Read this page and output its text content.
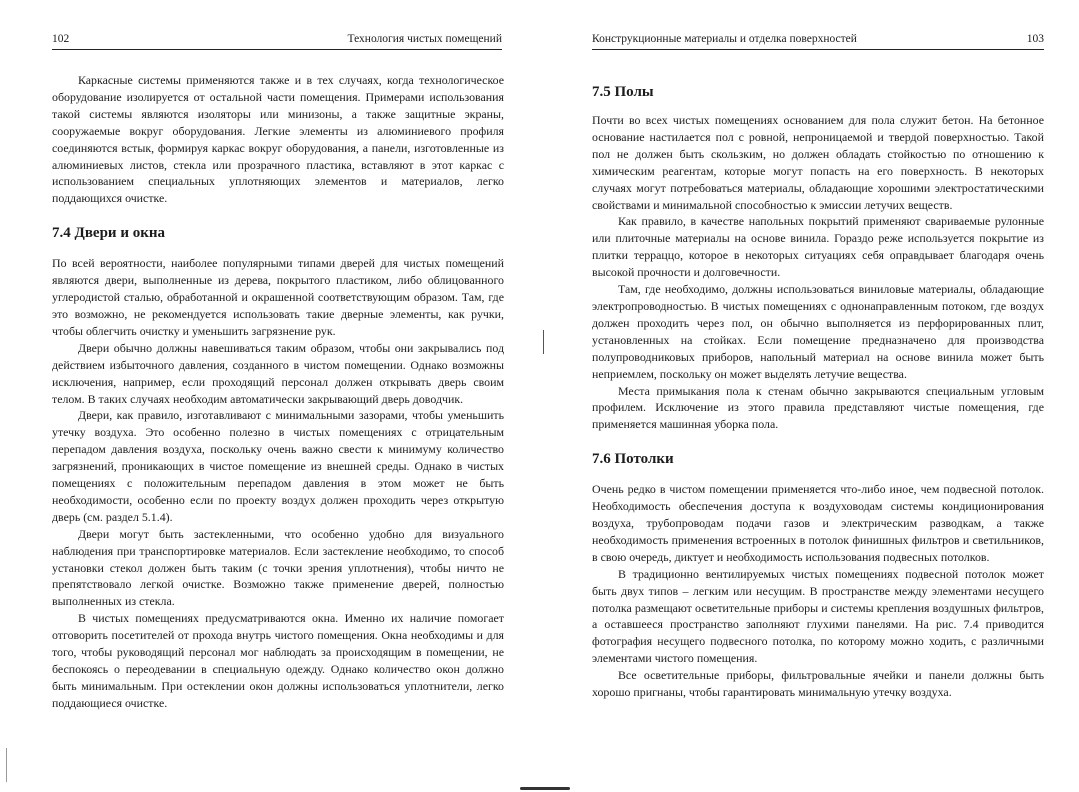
102	Технология чистых помещений

Каркасные системы применяются также и в тех случаях, когда технологическое оборудование изолируется от остальной части помещения. Примерами использования такой системы являются изоляторы или минизоны, а также защитные экраны, сооружаемые вокруг оборудования. Легкие элементы из алюминиевого профиля соединяются встык, формируя каркас вокруг оборудования, а панели, изготовленные из алюминиевых листов, стекла или прозрачного пластика, вставляют в этот каркас с использованием специальных уплотняющих элементов и материалов, легко поддающихся очистке.

7.4 Двери и окна

По всей вероятности, наиболее популярными типами дверей для чистых помещений являются двери, выполненные из дерева, покрытого пластиком, либо облицованного углеродистой сталью, обработанной и окрашенной соответствующим образом. Там, где это возможно, не рекомендуется использовать такие дверные элементы, как ручки, чтобы облегчить очистку и уменьшить загрязнение рук.

Двери обычно должны навешиваться таким образом, чтобы они закрывались под действием избыточного давления, созданного в чистом помещении. Однако возможны исключения, например, если проходящий персонал должен открывать дверь своим телом. В таких случаях необходим автоматически закрывающий дверь доводчик.

Двери, как правило, изготавливают с минимальными зазорами, чтобы уменьшить утечку воздуха. Это особенно полезно в чистых помещениях с отрицательным перепадом давления воздуха, поскольку очень важно свести к минимуму количество загрязнений, проникающих в чистое помещение из внешней среды. Однако в чистых помещениях с положительным перепадом давления в этом может не быть необходимости, особенно если по проекту воздух должен проходить через открытую дверь (см. раздел 5.1.4).

Двери могут быть застекленными, что особенно удобно для визуального наблюдения при транспортировке материалов. Если застекление необходимо, то способ установки стекол должен быть таким (с точки зрения уплотнения), чтобы ничто не препятствовало легкой очистке. Возможно также применение дверей, полностью выполненных из стекла.

В чистых помещениях предусматриваются окна. Именно их наличие помогает отговорить посетителей от прохода внутрь чистого помещения. Окна необходимы и для того, чтобы руководящий персонал мог наблюдать за происходящим в помещении, не беспокоясь о переодевании в специальную одежду. Однако количество окон должно быть минимальным. При остеклении окон должны использоваться уплотнители, легко поддающиеся очистке.

Конструкционные материалы и отделка поверхностей	103
7.5 Полы

Почти во всех чистых помещениях основанием для пола служит бетон. На бетонное основание настилается пол с ровной, непроницаемой и твердой поверхностью. Такой пол не должен быть скользким, но должен обладать стойкостью по отношению к химическим реагентам, которые могут попасть на его поверхность. В некоторых случаях могут потребоваться материалы, обладающие хорошими электростатическими свойствами и минимальной способностью к эмиссии летучих веществ.

Как правило, в качестве напольных покрытий применяют свариваемые рулонные или плиточные материалы на основе винила. Гораздо реже используется покрытие из плитки терраццо, которое в некоторых ситуациях себя оправдывает благодаря очень высокой прочности и долговечности.

Там, где необходимо, должны использоваться виниловые материалы, обладающие электропроводностью. В чистых помещениях с однонаправленным потоком, где воздух должен проходить через пол, он обычно выполняется из перфорированных плит, установленных на стойках. Если помещение предназначено для производства полупроводниковых приборов, напольный материал на основе винила может быть неприемлем, поскольку он может выделять летучие вещества.

Места примыкания пола к стенам обычно закрываются специальным угловым профилем. Исключение из этого правила представляют чистые помещения, где применяется машинная уборка пола.

7.6 Потолки

Очень редко в чистом помещении применяется что-либо иное, чем подвесной потолок. Необходимость обеспечения доступа к воздуховодам системы кондиционирования воздуха, трубопроводам подачи газов и электрическим разводкам, а также необходимость применения встроенных в потолок финишных фильтров и светильников, в свою очередь, диктует и необходимость использования подвесных потолков.

В традиционно вентилируемых чистых помещениях подвесной потолок может быть двух типов – легким или несущим. В пространстве между элементами несущего потолка размещают осветительные приборы и системы крепления воздушных фильтров, а оставшееся пространство заполняют глухими панелями. На рис. 7.4 приводится фотография несущего подвесного потолка, по которому можно ходить, с различными элементами чистого помещения.

Все осветительные приборы, фильтровальные ячейки и панели должны быть хорошо пригнаны, чтобы гарантировать минимальную утечку воздуха.
